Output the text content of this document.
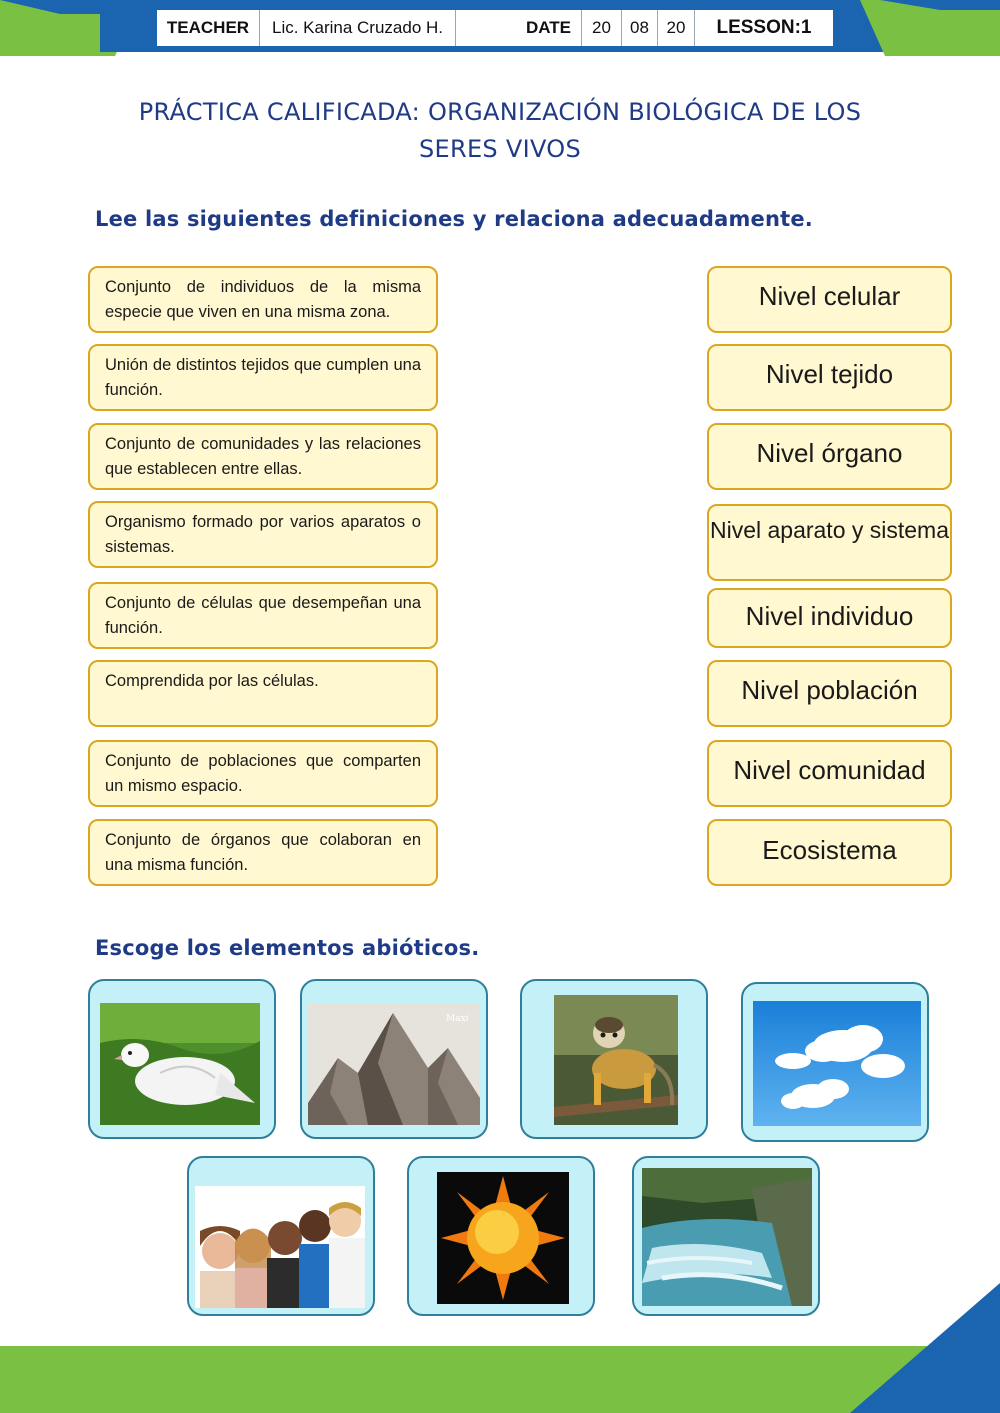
TEACHER	Lic. Karina Cruzado H.	DATE	20	08	20	LESSON:1
PRÁCTICA CALIFICADA: ORGANIZACIÓN BIOLÓGICA DE LOS
SERES VIVOS
Lee las siguientes definiciones y relaciona adecuadamente.
Conjunto de individuos de la misma especie que viven en una misma zona.
Unión de distintos tejidos que cumplen una función.
Conjunto de comunidades y las relaciones que establecen entre ellas.
Organismo formado por varios aparatos o sistemas.
Conjunto de células que desempeñan una función.
Comprendida por las células.
Conjunto de poblaciones que comparten un mismo espacio.
Conjunto de órganos que colaboran en una misma función.
Nivel celular
Nivel tejido
Nivel órgano
Nivel aparato y sistema
Nivel individuo
Nivel población
Nivel comunidad
Ecosistema
Escoge los elementos abióticos.
Maxi
